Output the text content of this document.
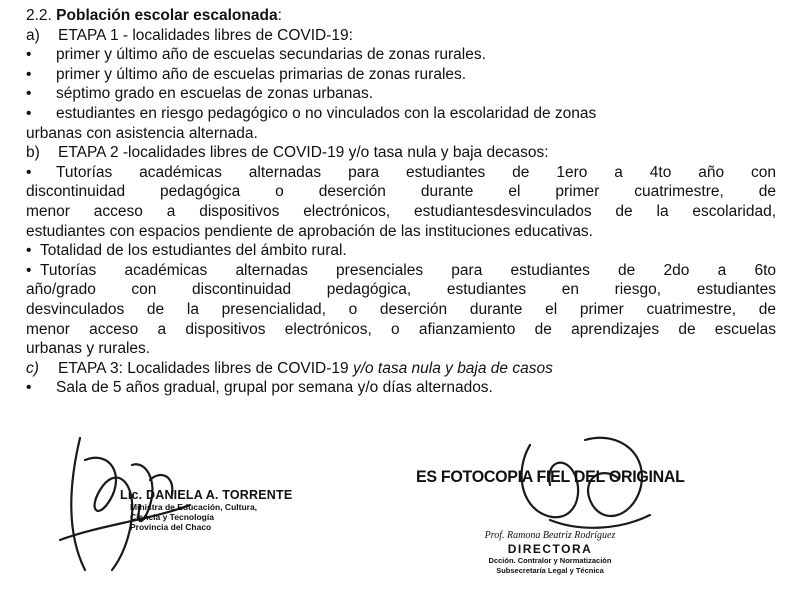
2.2. Población escolar escalonada:
a) ETAPA 1 - localidades libres de COVID-19:
• primer y último año de escuelas secundarias de zonas rurales.
• primer y último año de escuelas primarias de zonas rurales.
• séptimo grado en escuelas de zonas urbanas.
• estudiantes en riesgo pedagógico o no vinculados con la escolaridad de zonas
urbanas con asistencia alternada.
b) ETAPA 2 -localidades libres de COVID-19 y/o tasa nula y baja decasos:
• Tutorías académicas alternadas para estudiantes de 1ero a 4to año con
discontinuidad pedagógica o deserción durante el primer cuatrimestre, de
menor acceso a dispositivos electrónicos, estudiantesdesvinculados de la escolaridad,
estudiantes con espacios pendiente de aprobación de las instituciones educativas.
• Totalidad de los estudiantes del ámbito rural.
• Tutorías académicas alternadas presenciales para estudiantes de 2do a 6to
año/grado con discontinuidad pedagógica, estudiantes en riesgo, estudiantes
desvinculados de la presencialidad, o deserción durante el primer cuatrimestre, de
menor acceso a dispositivos electrónicos, o afianzamiento de aprendizajes de escuelas
urbanas y rurales.
c) ETAPA 3: Localidades libres de COVID-19 y/o tasa nula y baja de casos
• Sala de 5 años gradual, grupal por semana y/o días alternados.
Lic. DANIELA A. TORRENTE
Ministra de Educación, Cultura,
Ciencia y Tecnología
Provincia del Chaco
ES FOTOCOPIA FIEL DEL ORIGINAL
Prof. Ramona Beatriz Rodríguez
DIRECTORA
Dcción. Contralor y Normatización
Subsecretaría Legal y Técnica
